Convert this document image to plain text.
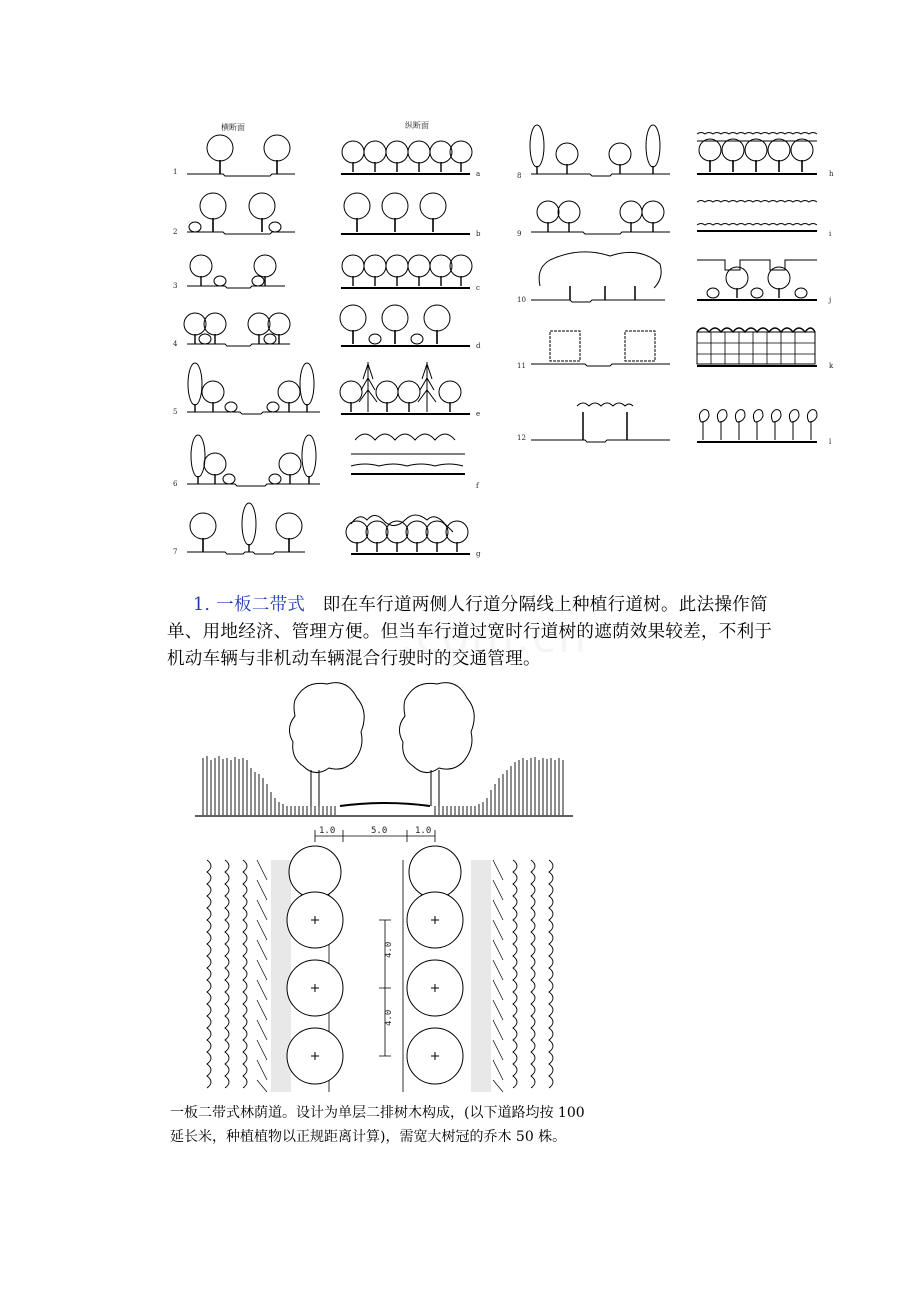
横断面	纵断面
1	a
2	b
3	c
4	d
5	e
6	f
7	g
8	h
9	i
10	j
11	k
12	l
1. 一板二带式 即在车行道两侧人行道分隔线上种植行道树。此法操作简单、用地经济、管理方便。但当车行道过宽时行道树的遮荫效果较差，不利于机动车辆与非机动车辆混合行驶时的交通管理。
1.0	5.0	1.0
4.0
4.0
一板二带式林荫道。设计为单层二排树木构成，(以下道路均按 100
延长米，种植植物以正规距离计算)，需宽大树冠的乔木 50 株。
